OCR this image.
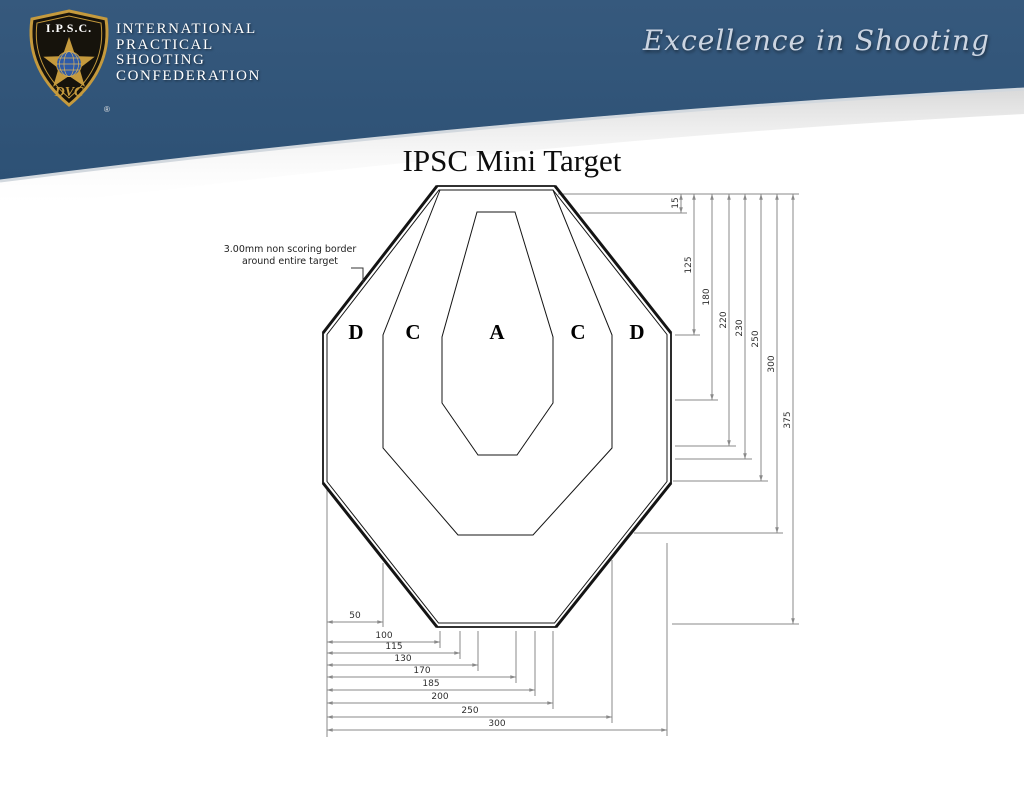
I.P.S.C.
DVC
®
INTERNATIONAL
PRACTICAL
SHOOTING
CONFEDERATION
Excellence in Shooting
IPSC Mini Target
15
125
180
220 230
250
300
375
50
100
115
130
170
185
200
250
300
D C	A	C D
3.00mm non scoring border
around entire target
